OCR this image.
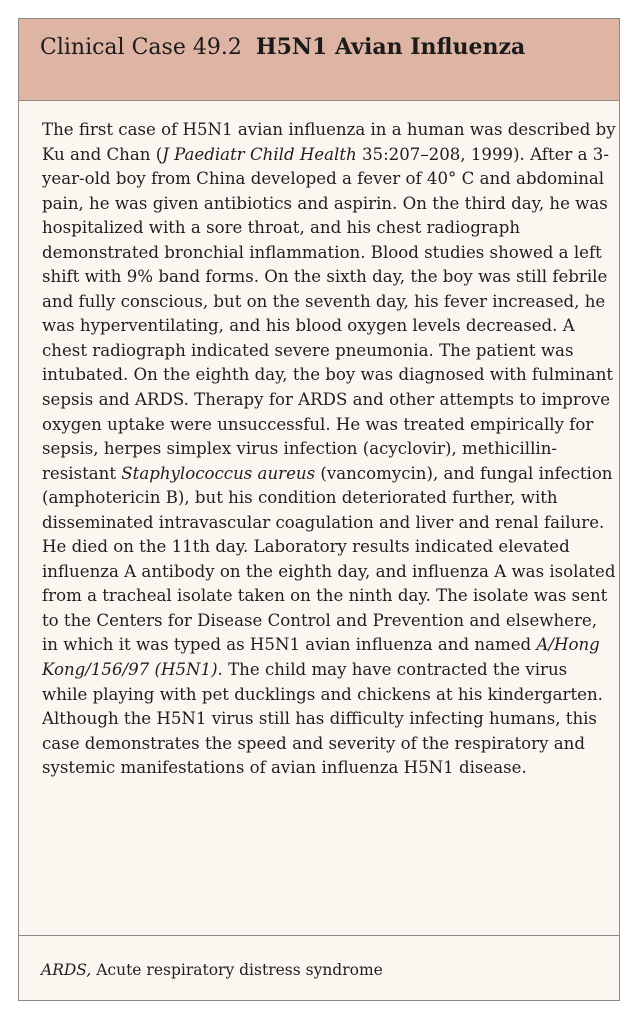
Clinical Case 49.2 H5N1 Avian Influenza

The first case of H5N1 avian influenza in a human was described by Ku and Chan (J Paediatr Child Health 35:207–208, 1999). After a 3-year-old boy from China developed a fever of 40° C and abdominal pain, he was given antibiotics and aspirin. On the third day, he was hospitalized with a sore throat, and his chest radiograph demonstrated bronchial inflammation. Blood studies showed a left shift with 9% band forms. On the sixth day, the boy was still febrile and fully conscious, but on the seventh day, his fever increased, he was hyperventilating, and his blood oxygen levels decreased. A chest radiograph indicated severe pneumonia. The patient was intubated. On the eighth day, the boy was diagnosed with fulminant sepsis and ARDS. Therapy for ARDS and other attempts to improve oxygen uptake were unsuccessful. He was treated empirically for sepsis, herpes simplex virus infection (acyclovir), methicillin-resistant Staphylococcus aureus (vancomycin), and fungal infection (amphotericin B), but his condition deteriorated further, with disseminated intravascular coagulation and liver and renal failure. He died on the 11th day. Laboratory results indicated elevated influenza A antibody on the eighth day, and influenza A was isolated from a tracheal isolate taken on the ninth day. The isolate was sent to the Centers for Disease Control and Prevention and elsewhere, in which it was typed as H5N1 avian influenza and named A/Hong Kong/156/97 (H5N1). The child may have contracted the virus while playing with pet ducklings and chickens at his kindergarten. Although the H5N1 virus still has difficulty infecting humans, this case demonstrates the speed and severity of the respiratory and systemic manifestations of avian influenza H5N1 disease.

ARDS, Acute respiratory distress syndrome
